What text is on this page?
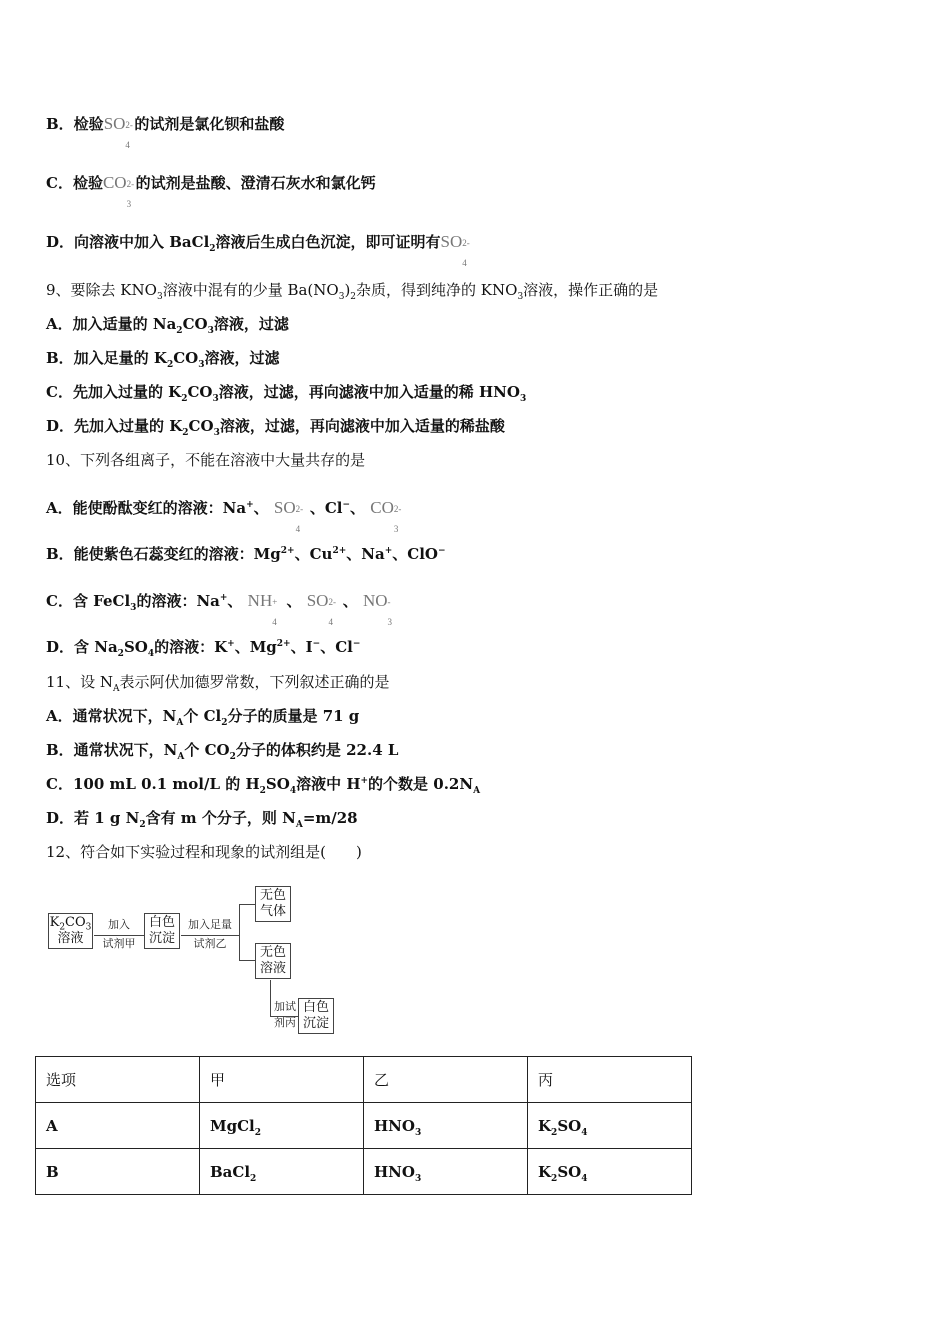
B．检验SO 2-
4
的试剂是氯化钡和盐酸
C．检验CO 2-
3
的试剂是盐酸、澄清石灰水和氯化钙
D．向溶液中加入 BaCl$_2$溶液后生成白色沉淀，即可证明有SO 2-
4
9、要除去 $KNO_3$溶液中混有的少量 $Ba(NO_3)_2$杂质，得到纯净的 $KNO_3$溶液，操作正确的是
A．加入适量的 $Na_2CO_3$溶液，过滤
B．加入足量的 $K_2CO_3$溶液，过滤
C．先加入过量的 $K_2CO_3$溶液，过滤，再向滤液中加入适量的稀 $HNO_3$
D．先加入过量的 $K_2CO_3$溶液，过滤，再向滤液中加入适量的稀盐酸
10、下列各组离子，不能在溶液中大量共存的是
A．能使酚酞变红的溶液：Na+、 SO 2-
4
、Cl−、 CO 2-
3
B．能使紫色石蕊变红的溶液：$Mg^{2+}$、$Cu^{2+}$、Na+、ClO−
C．含 FeCl$_3$的溶液：Na+、 NH +
4
、 SO 2-
4
、 NO -
3
D．含 $Na_2SO_4$的溶液：K+、$Mg^{2+}$、I−、Cl−
11、设 $N_A$表示阿伏加德罗常数，下列叙述正确的是
A．通常状况下，$N_A$个 $Cl_2$分子的质量是 71 g
B．通常状况下，$N_A$个 $CO_2$分子的体积约是 22.4 L
C．100 mL 0.1 mol/L 的 $H_2SO_4$溶液中 H+的个数是 $0.2N_A$
D．若 1 g $N_2$含有 m 个分子，则 $N_A=m/28$
12、符合如下实验过程和现象的试剂组是(　　)
$K_2CO_3$
溶液
加入
试剂甲
白色
沉淀
加入足量
试剂乙
无色
气体
无色
溶液
加试
剂丙
白色
沉淀
选项	甲	乙	丙
A	MgCl$_2$	$HNO_3$	$K_2SO_4$
B	BaCl$_2$	$HNO_3$	$K_2SO_4$
